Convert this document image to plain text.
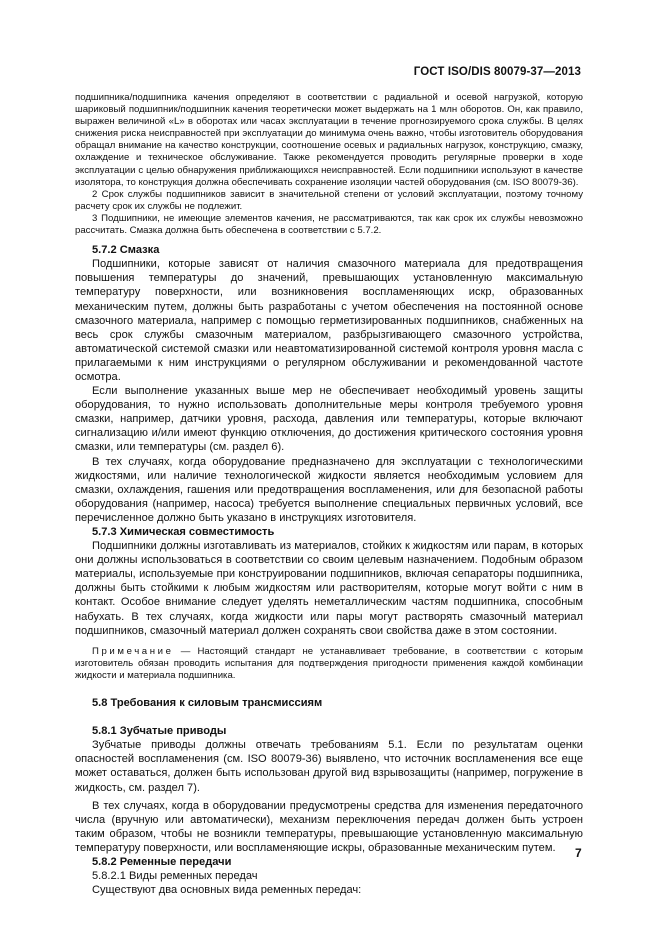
ГОСТ ISO/DIS 80079-37—2013

подшипника/подшипника качения определяют в соответствии с радиальной и осевой нагрузкой, которую шариковый подшипник/подшипник качения теоретически может выдержать на 1 млн оборотов. Он, как правило, выражен величиной «L» в оборотах или часах эксплуатации в течение прогнозируемого срока службы. В целях снижения риска неисправностей при эксплуатации до минимума очень важно, чтобы изготовитель оборудования обращал внимание на качество конструкции, соотношение осевых и радиальных нагрузок, конструкцию, смазку, охлаждение и техническое обслуживание. Также рекомендуется проводить регулярные проверки в ходе эксплуатации с целью обнаружения приближающихся неисправностей. Если подшипники используют в качестве изолятора, то конструкция должна обеспечивать сохранение изоляции частей оборудования (см. ISO 80079-36).

2 Срок службы подшипников зависит в значительной степени от условий эксплуатации, поэтому точному расчету срок их службы не подлежит.

3 Подшипники, не имеющие элементов качения, не рассматриваются, так как срок их службы невозможно рассчитать. Смазка должна быть обеспечена в соответствии с 5.7.2.

5.7.2 Смазка

Подшипники, которые зависят от наличия смазочного материала для предотвращения повышения температуры до значений, превышающих установленную максимальную температуру поверхности, или возникновения воспламеняющих искр, образованных механическим путем, должны быть разработаны с учетом обеспечения на постоянной основе смазочного материала, например с помощью герметизированных подшипников, снабженных на весь срок службы смазочным материалом, разбрызгивающего смазочного устройства, автоматической системой смазки или неавтоматизированной системой контроля уровня масла с прилагаемыми к ним инструкциями о регулярном обслуживании и рекомендованной частоте осмотра.

Если выполнение указанных выше мер не обеспечивает необходимый уровень защиты оборудования, то нужно использовать дополнительные меры контроля требуемого уровня смазки, например, датчики уровня, расхода, давления или температуры, которые включают сигнализацию и/или имеют функцию отключения, до достижения критического состояния уровня смазки, или температуры (см. раздел 6).

В тех случаях, когда оборудование предназначено для эксплуатации с технологическими жидкостями, или наличие технологической жидкости является необходимым условием для смазки, охлаждения, гашения или предотвращения воспламенения, или для безопасной работы оборудования (например, насоса) требуется выполнение специальных первичных условий, все перечисленное должно быть указано в инструкциях изготовителя.

5.7.3 Химическая совместимость

Подшипники должны изготавливать из материалов, стойких к жидкостям или парам, в которых они должны использоваться в соответствии со своим целевым назначением. Подобным образом материалы, используемые при конструировании подшипников, включая сепараторы подшипника, должны быть стойкими к любым жидкостям или растворителям, которые могут войти с ним в контакт. Особое внимание следует уделять неметаллическим частям подшипника, способным набухать. В тех случаях, когда жидкости или пары могут растворять смазочный материал подшипников, смазочный материал должен сохранять свои свойства даже в этом состоянии.

Примечание — Настоящий стандарт не устанавливает требование, в соответствии с которым изготовитель обязан проводить испытания для подтверждения пригодности применения каждой комбинации жидкости и материала подшипника.

5.8 Требования к силовым трансмиссиям

5.8.1 Зубчатые приводы

Зубчатые приводы должны отвечать требованиям 5.1. Если по результатам оценки опасностей воспламенения (см. ISO 80079-36) выявлено, что источник воспламенения все еще может оставаться, должен быть использован другой вид взрывозащиты (например, погружение в жидкость, см. раздел 7).

В тех случаях, когда в оборудовании предусмотрены средства для изменения передаточного числа (вручную или автоматически), механизм переключения передач должен быть устроен таким образом, чтобы не возникли температуры, превышающие установленную максимальную температуру поверхности, или воспламеняющие искры, образованные механическим путем.

5.8.2 Ременные передачи

5.8.2.1 Виды ременных передач

Существуют два основных вида ременных передач:

7
